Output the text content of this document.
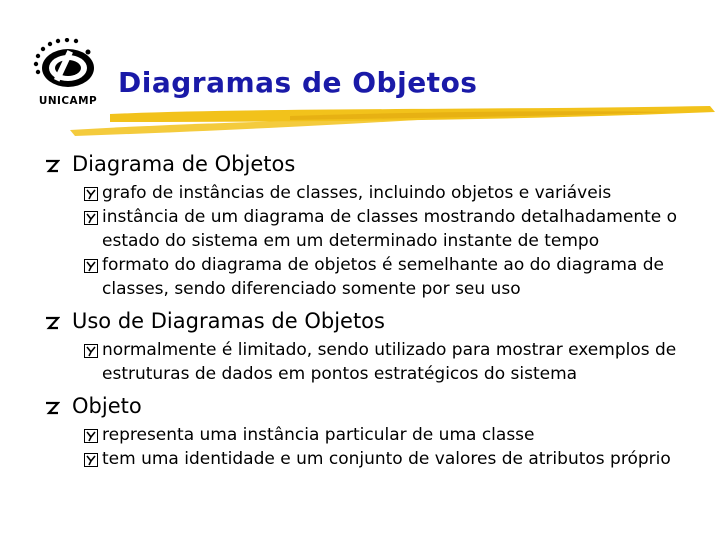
UNICAMP
Diagramas de Objetos
Diagrama de Objetos
grafo de instâncias de classes, incluindo objetos e variáveis
instância de um diagrama de classes mostrando detalhadamente o estado do sistema em um determinado instante de tempo
formato do diagrama de objetos é semelhante ao do diagrama de classes, sendo diferenciado somente por seu uso
Uso de Diagramas de Objetos
normalmente é limitado, sendo utilizado para mostrar exemplos de estruturas de dados em pontos estratégicos do sistema
Objeto
representa uma instância particular de uma classe
tem uma identidade e um conjunto de valores de atributos próprio
